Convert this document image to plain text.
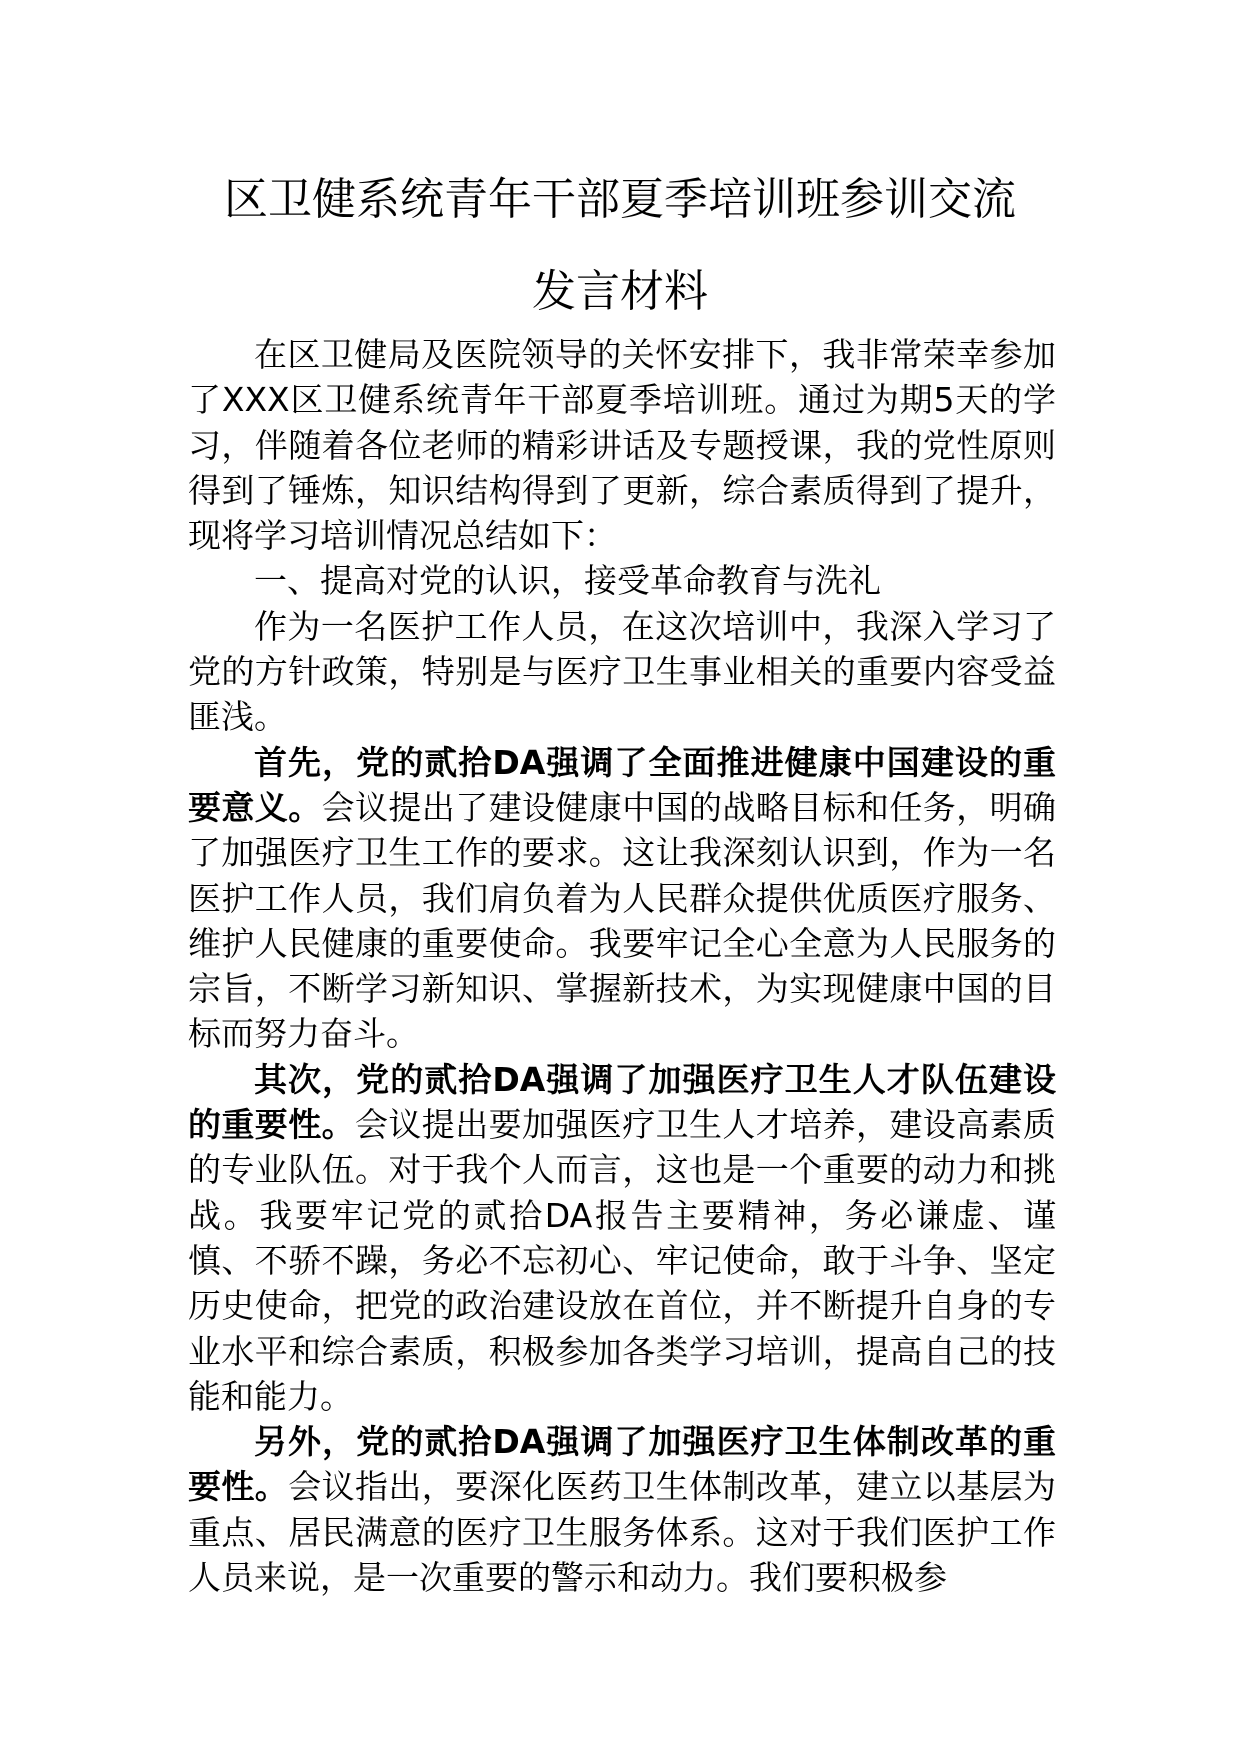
区卫健系统青年干部夏季培训班参训交流
发言材料

在区卫健局及医院领导的关怀安排下，我非常荣幸参加了XXX区卫健系统青年干部夏季培训班。通过为期5天的学习，伴随着各位老师的精彩讲话及专题授课，我的党性原则得到了锤炼，知识结构得到了更新，综合素质得到了提升，现将学习培训情况总结如下：

一、提高对党的认识，接受革命教育与洗礼

作为一名医护工作人员，在这次培训中，我深入学习了党的方针政策，特别是与医疗卫生事业相关的重要内容受益匪浅。

首先，党的贰拾DA强调了全面推进健康中国建设的重要意义。会议提出了建设健康中国的战略目标和任务，明确了加强医疗卫生工作的要求。这让我深刻认识到，作为一名医护工作人员，我们肩负着为人民群众提供优质医疗服务、维护人民健康的重要使命。我要牢记全心全意为人民服务的宗旨，不断学习新知识、掌握新技术，为实现健康中国的目标而努力奋斗。

其次，党的贰拾DA强调了加强医疗卫生人才队伍建设的重要性。会议提出要加强医疗卫生人才培养，建设高素质的专业队伍。对于我个人而言，这也是一个重要的动力和挑战。我要牢记党的贰拾DA报告主要精神，务必谦虚、谨慎、不骄不躁，务必不忘初心、牢记使命，敢于斗争、坚定历史使命，把党的政治建设放在首位，并不断提升自身的专业水平和综合素质，积极参加各类学习培训，提高自己的技能和能力。

另外，党的贰拾DA强调了加强医疗卫生体制改革的重要性。会议指出，要深化医药卫生体制改革，建立以基层为重点、居民满意的医疗卫生服务体系。这对于我们医护工作人员来说，是一次重要的警示和动力。我们要积极参
